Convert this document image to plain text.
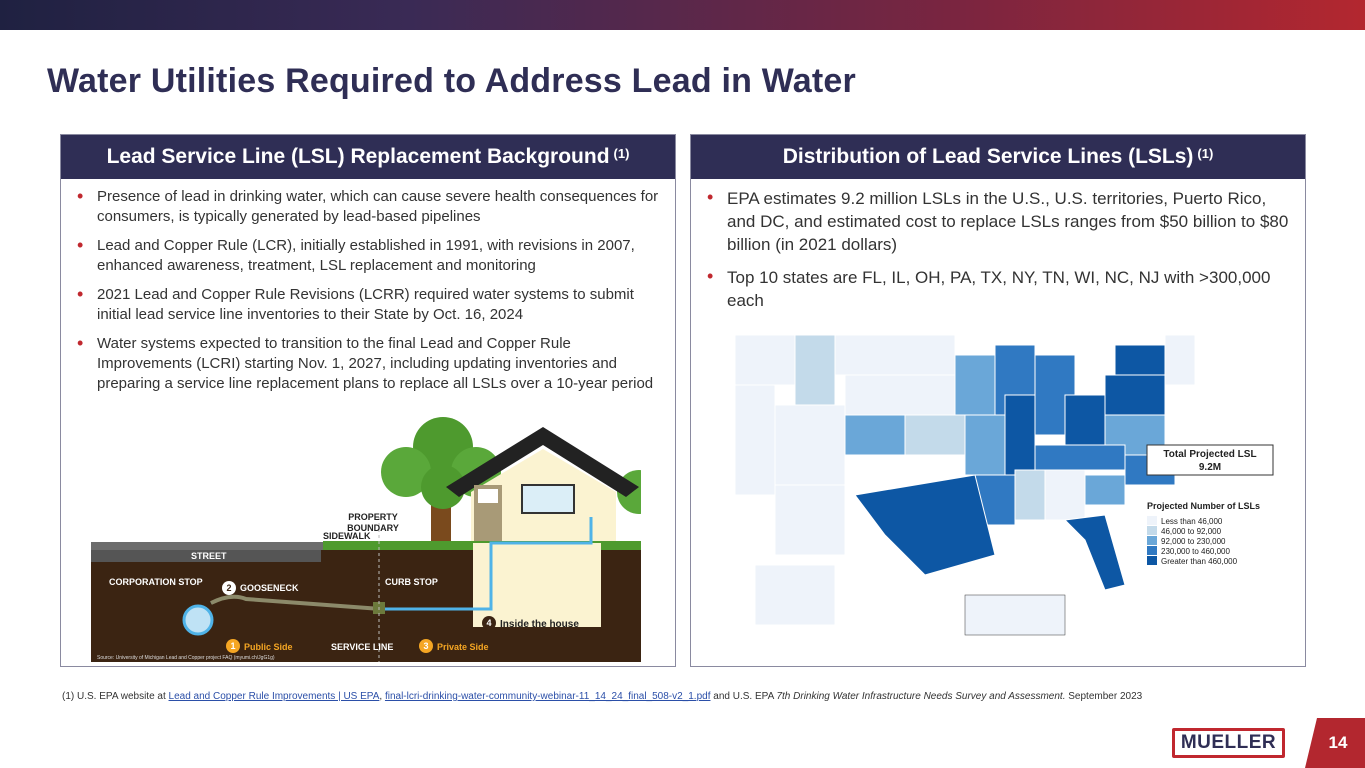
Water Utilities Required to Address Lead in Water
Lead Service Line (LSL) Replacement Background $^{(1)}$
• Presence of lead in drinking water, which can cause severe health consequences for consumers, is typically generated by lead-based pipelines
• Lead and Copper Rule (LCR), initially established in 1991, with revisions in 2007, enhanced awareness, treatment, LSL replacement and monitoring
• 2021 Lead and Copper Rule Revisions (LCRR) required water systems to submit initial lead service line inventories to their State by Oct. 16, 2024
• Water systems expected to transition to the final Lead and Copper Rule Improvements (LCRI) starting Nov. 1, 2027, including updating inventories and preparing a service line replacement plans to replace all LSLs over a 10-year period
PROPERTY
BOUNDARY
SIDEWALK
STREET
CORPORATION STOP
2 GOOSENECK
CURB STOP
4 Inside the house
1 Public Side	SERVICE LINE	3 Private Side
Source: University of Michigan Lead and Copper project FAQ (myumi.ch/JgG1g)
Distribution of Lead Service Lines (LSLs) $^{(1)}$
• EPA estimates 9.2 million LSLs in the U.S., U.S. territories, Puerto Rico, and DC, and estimated cost to replace LSLs ranges from $50 billion to $80 billion (in 2021 dollars)
• Top 10 states are FL, IL, OH, PA, TX, NY, TN, WI, NC, NJ with >300,000 each
Total Projected LSL
9.2M
Projected Number of LSLs
Less than 46,000
46,000 to 92,000
92,000 to 230,000
230,000 to 460,000
Greater than 460,000
(1) U.S. EPA website at Lead and Copper Rule Improvements | US EPA, final-lcri-drinking-water-community-webinar-11_14_24_final_508-v2_1.pdf and U.S. EPA 7th Drinking Water Infrastructure Needs Survey and Assessment. September 2023
MUELLER	14
